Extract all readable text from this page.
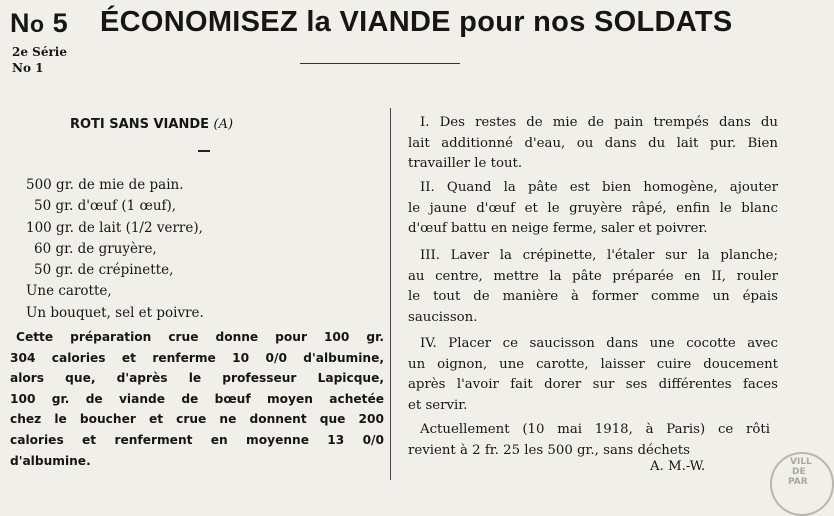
No 5 ÉCONOMISEZ la VIANDE pour nos SOLDATS
2e Série
No 1
ROTI SANS VIANDE (A)
500 gr. de mie de pain.
50 gr. d'œuf (1 œuf),
100 gr. de lait (1/2 verre),
60 gr. de gruyère,
50 gr. de crépinette,
Une carotte,
Un bouquet, sel et poivre.
Cette préparation crue donne pour 100 gr.
304 calories et renferme 10 0/0 d'albumine,
alors que, d'après le professeur Lapicque,
100 gr. de viande de bœuf moyen achetée
chez le boucher et crue ne donnent que 200
calories et renferment en moyenne 13 0/0
d'albumine.
I. Des restes de mie de pain trempés dans du
lait additionné d'eau, ou dans du lait pur. Bien
travailler le tout.
II. Quand la pâte est bien homogène, ajouter
le jaune d'œuf et le gruyère râpé, enfin le blanc
d'œuf battu en neige ferme, saler et poivrer.
III. Laver la crépinette, l'étaler sur la planche;
au centre, mettre la pâte préparée en II, rouler
le tout de manière à former comme un épais
saucisson.
IV. Placer ce saucisson dans une cocotte avec
un oignon, une carotte, laisser cuire doucement
après l'avoir fait dorer sur ses différentes faces
et servir.
Actuellement (10 mai 1918, à Paris) ce rôti
revient à 2 fr. 25 les 500 gr., sans déchets
A. M.-W.	VILL
DE
PAR
